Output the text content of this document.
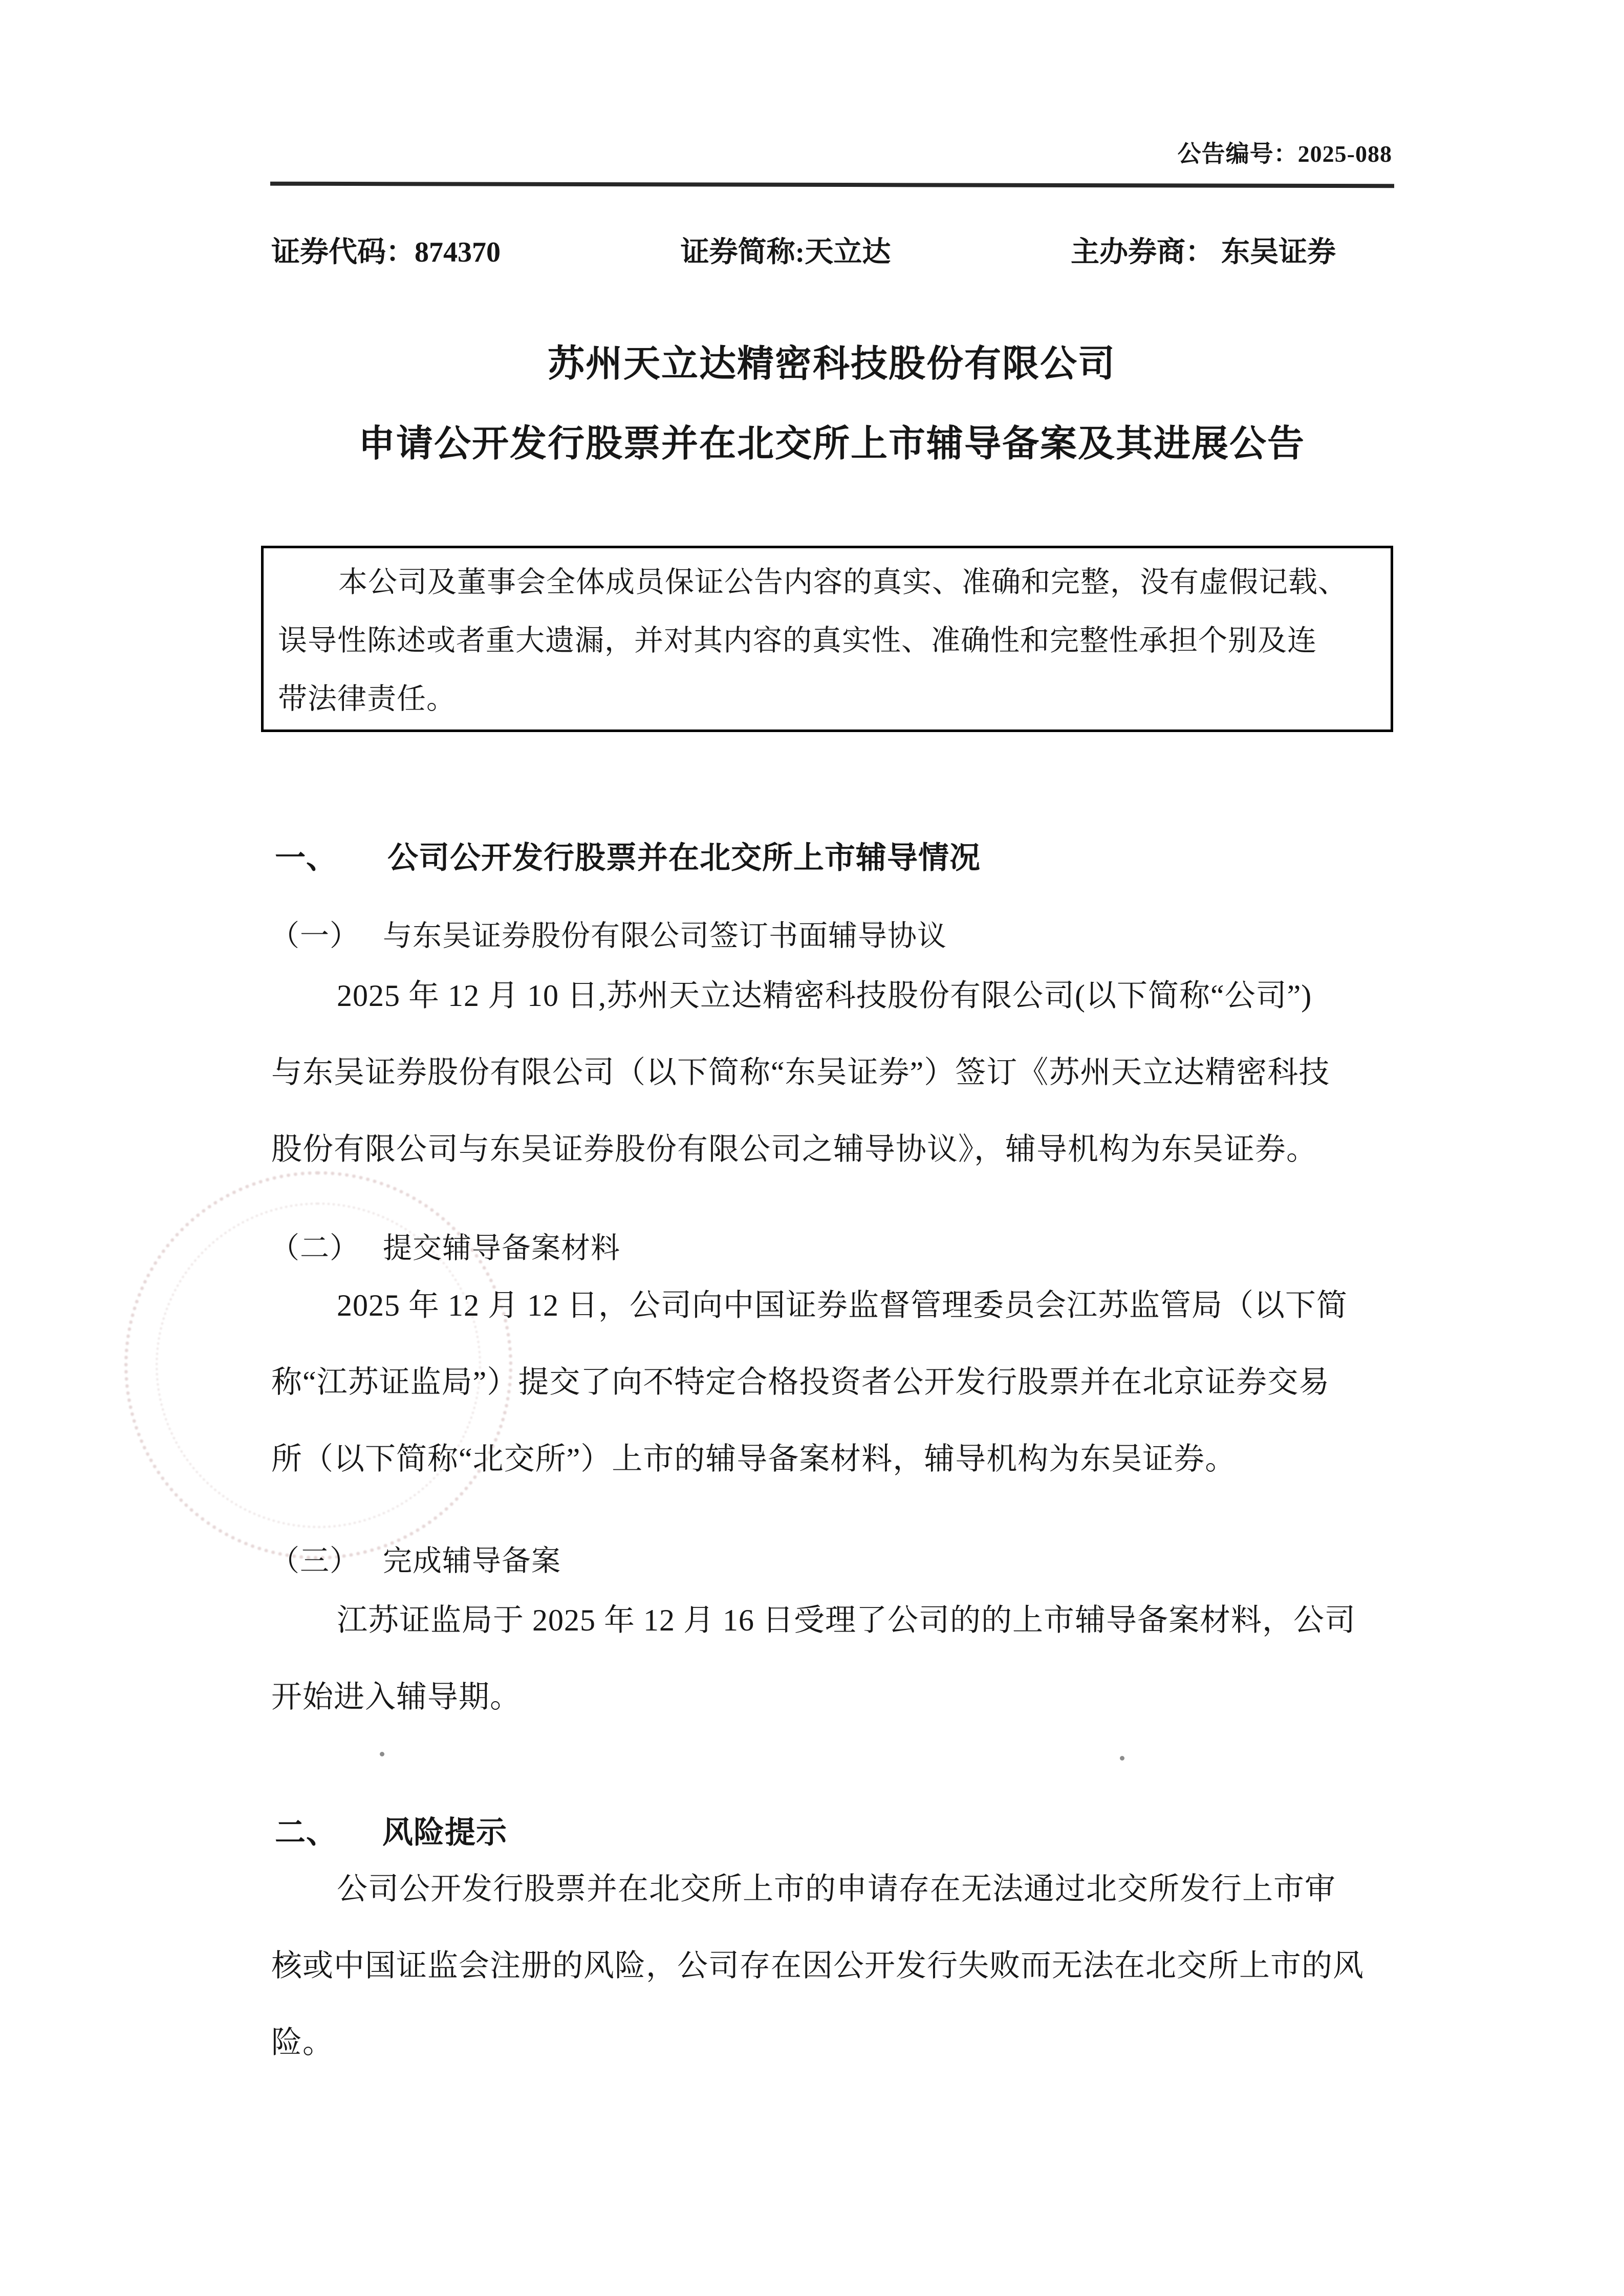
公告编号：2025-088
证券代码：874370	证券简称:天立达	主办券商： 东吴证券
苏州天立达精密科技股份有限公司
申请公开发行股票并在北交所上市辅导备案及其进展公告

本公司及董事会全体成员保证公告内容的真实、准确和完整，没有虚假记载、

误导性陈述或者重大遗漏，并对其内容的真实性、准确性和完整性承担个别及连

带法律责任。

一、 公司公开发行股票并在北交所上市辅导情况
（一） 与东吴证券股份有限公司签订书面辅导协议

2025 年 12 月 10 日,苏州天立达精密科技股份有限公司(以下简称“公司”)

与东吴证券股份有限公司（以下简称“东吴证券”）签订《苏州天立达精密科技

股份有限公司与东吴证券股份有限公司之辅导协议》，辅导机构为东吴证券。

（二） 提交辅导备案材料

2025 年 12 月 12 日，公司向中国证券监督管理委员会江苏监管局（以下简

称“江苏证监局”）提交了向不特定合格投资者公开发行股票并在北京证券交易

所（以下简称“北交所”）上市的辅导备案材料，辅导机构为东吴证券。

（三） 完成辅导备案

江苏证监局于 2025 年 12 月 16 日受理了公司的的上市辅导备案材料，公司

开始进入辅导期。

二、 风险提示

公司公开发行股票并在北交所上市的申请存在无法通过北交所发行上市审

核或中国证监会注册的风险，公司存在因公开发行失败而无法在北交所上市的风

险。
